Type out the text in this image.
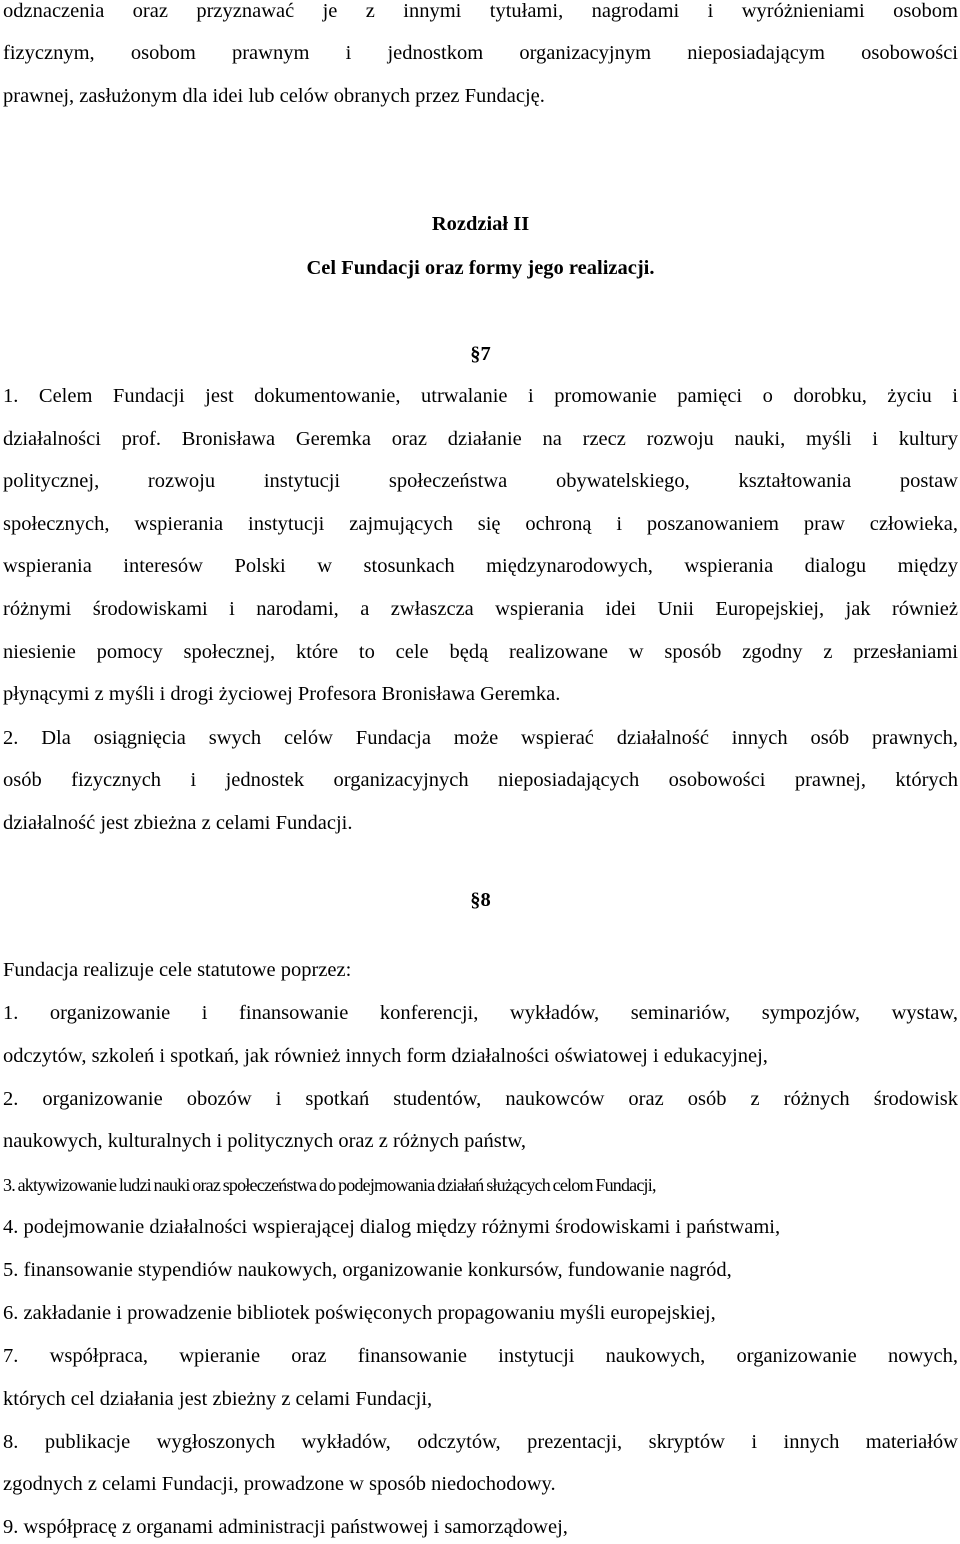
odznaczenia oraz przyznawać je z innymi tytułami, nagrodami i wyróżnieniami osobom
fizycznym, osobom prawnym i jednostkom organizacyjnym nieposiadającym osobowości
prawnej, zasłużonym dla idei lub celów obranych przez Fundację.
Rozdział II
Cel Fundacji oraz formy jego realizacji.
§7
1. Celem Fundacji jest dokumentowanie, utrwalanie i promowanie pamięci o dorobku, życiu i
działalności prof. Bronisława Geremka oraz działanie na rzecz rozwoju nauki, myśli i kultury
politycznej, rozwoju instytucji społeczeństwa obywatelskiego, kształtowania postaw
społecznych, wspierania instytucji zajmujących się ochroną i poszanowaniem praw człowieka,
wspierania interesów Polski w stosunkach międzynarodowych, wspierania dialogu między
różnymi środowiskami i narodami, a zwłaszcza wspierania idei Unii Europejskiej, jak również
niesienie pomocy społecznej, które to cele będą realizowane w sposób zgodny z przesłaniami
płynącymi z myśli i drogi życiowej Profesora Bronisława Geremka.
2. Dla osiągnięcia swych celów Fundacja może wspierać działalność innych osób prawnych,
osób fizycznych i jednostek organizacyjnych nieposiadających osobowości prawnej, których
działalność jest zbieżna z celami Fundacji.
§8
Fundacja realizuje cele statutowe poprzez:
1. organizowanie i finansowanie konferencji, wykładów, seminariów, sympozjów, wystaw,
odczytów, szkoleń i spotkań, jak również innych form działalności oświatowej i edukacyjnej,
2. organizowanie obozów i spotkań studentów, naukowców oraz osób z różnych środowisk
naukowych, kulturalnych i politycznych oraz z różnych państw,
3. aktywizowanie ludzi nauki oraz społeczeństwa do podejmowania działań służących celom Fundacji,
4. podejmowanie działalności wspierającej dialog między różnymi środowiskami i państwami,
5. finansowanie stypendiów naukowych, organizowanie konkursów, fundowanie nagród,
6. zakładanie i prowadzenie bibliotek poświęconych propagowaniu myśli europejskiej,
7. współpraca, wpieranie oraz finansowanie instytucji naukowych, organizowanie nowych,
których cel działania jest zbieżny z celami Fundacji,
8. publikacje wygłoszonych wykładów, odczytów, prezentacji, skryptów i innych materiałów
zgodnych z celami Fundacji, prowadzone w sposób niedochodowy.
9. współpracę z organami administracji państwowej i samorządowej,
